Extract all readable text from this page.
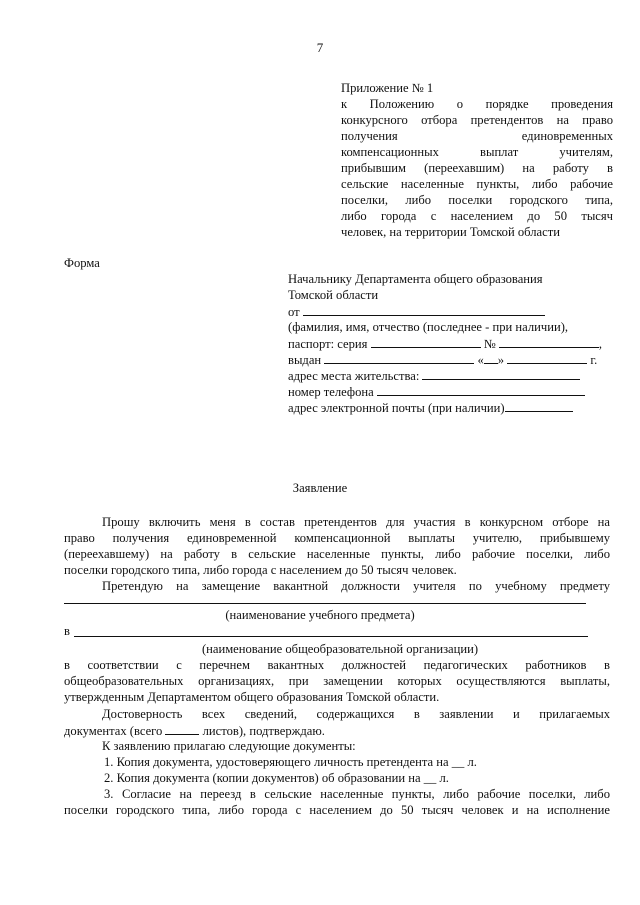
7
Приложение № 1
к Положению о порядке проведения
конкурсного отбора претендентов на право
получения единовременных
компенсационных выплат учителям,
прибывшим (переехавшим) на работу в
сельские населенные пункты, либо рабочие
поселки, либо поселки городского типа,
либо города с населением до 50 тысяч
человек, на территории Томской области
Форма
Начальнику Департамента общего образования
Томской области
от
(фамилия, имя, отчество (последнее - при наличии),
паспорт: серия	№	,
выдан	« »	г.
адрес места жительства:
номер телефона
адрес электронной почты (при наличии)
Заявление
Прошу включить меня в состав претендентов для участия в конкурсном отборе на
право получения единовременной компенсационной выплаты учителю, прибывшему
(переехавшему) на работу в сельские населенные пункты, либо рабочие поселки, либо
поселки городского типа, либо города с населением до 50 тысяч человек.
Претендую на замещение вакантной должности учителя по учебному предмету
(наименование учебного предмета)
в
(наименование общеобразовательной организации)
в соответствии с перечнем вакантных должностей педагогических работников в
общеобразовательных организациях, при замещении которых осуществляются выплаты,
утвержденным Департаментом общего образования Томской области.
Достоверность всех сведений, содержащихся в заявлении и прилагаемых
документах (всего	листов), подтверждаю.
К заявлению прилагаю следующие документы:
1. Копия документа, удостоверяющего личность претендента на __ л.
2. Копия документа (копии документов) об образовании на __ л.
3. Согласие на переезд в сельские населенные пункты, либо рабочие поселки, либо
поселки городского типа, либо города с населением до 50 тысяч человек и на исполнение
